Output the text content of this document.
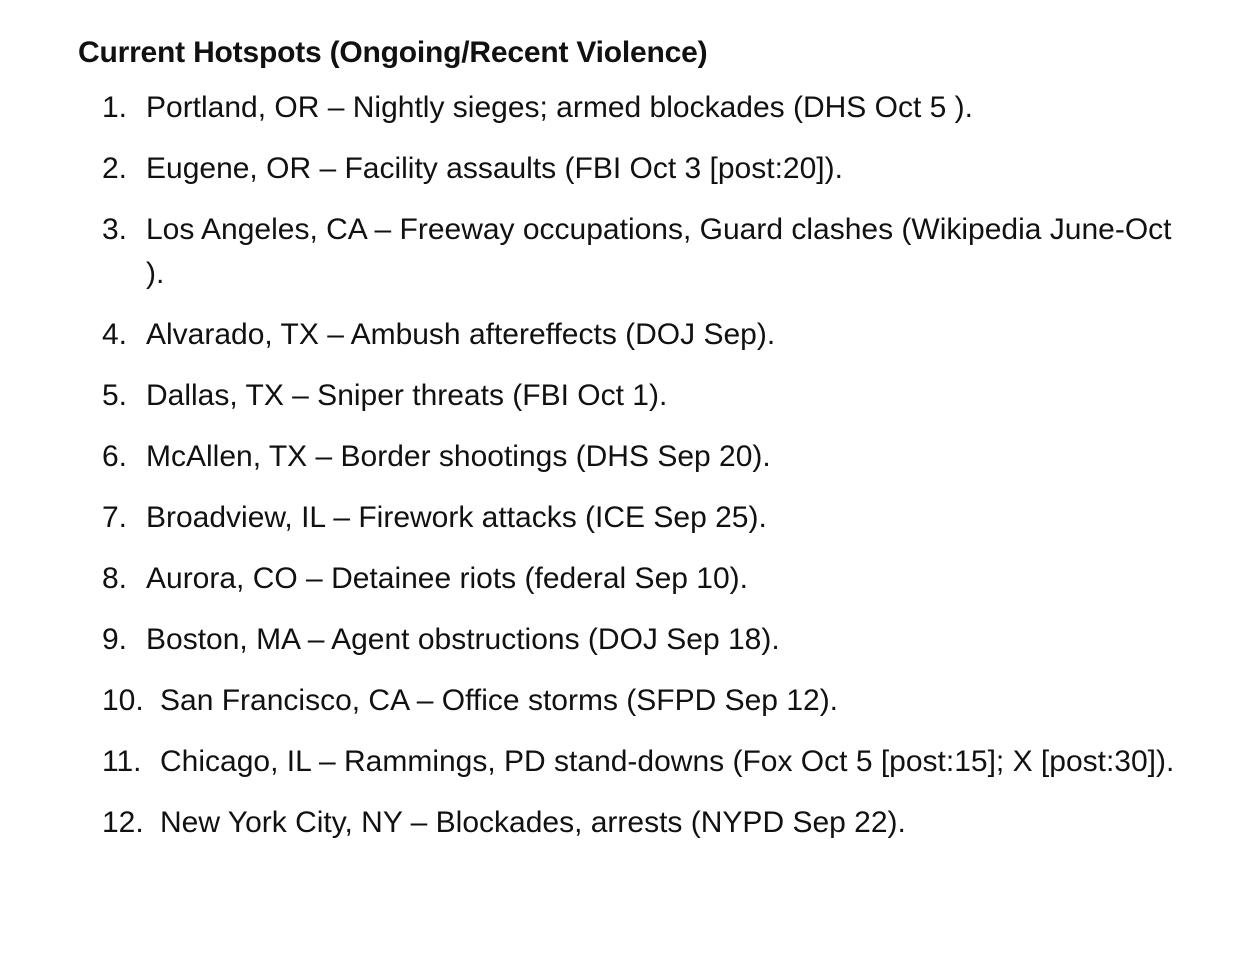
Current Hotspots (Ongoing/Recent Violence)
1. Portland, OR – Nightly sieges; armed blockades (DHS Oct 5 ).
2. Eugene, OR – Facility assaults (FBI Oct 3 [post:20]).
3. Los Angeles, CA – Freeway occupations, Guard clashes (Wikipedia June-Oct ).
4. Alvarado, TX – Ambush aftereffects (DOJ Sep).
5. Dallas, TX – Sniper threats (FBI Oct 1).
6. McAllen, TX – Border shootings (DHS Sep 20).
7. Broadview, IL – Firework attacks (ICE Sep 25).
8. Aurora, CO – Detainee riots (federal Sep 10).
9. Boston, MA – Agent obstructions (DOJ Sep 18).
10. San Francisco, CA – Office storms (SFPD Sep 12).
11. Chicago, IL – Rammings, PD stand-downs (Fox Oct 5 [post:15]; X [post:30]).
12. New York City, NY – Blockades, arrests (NYPD Sep 22).
